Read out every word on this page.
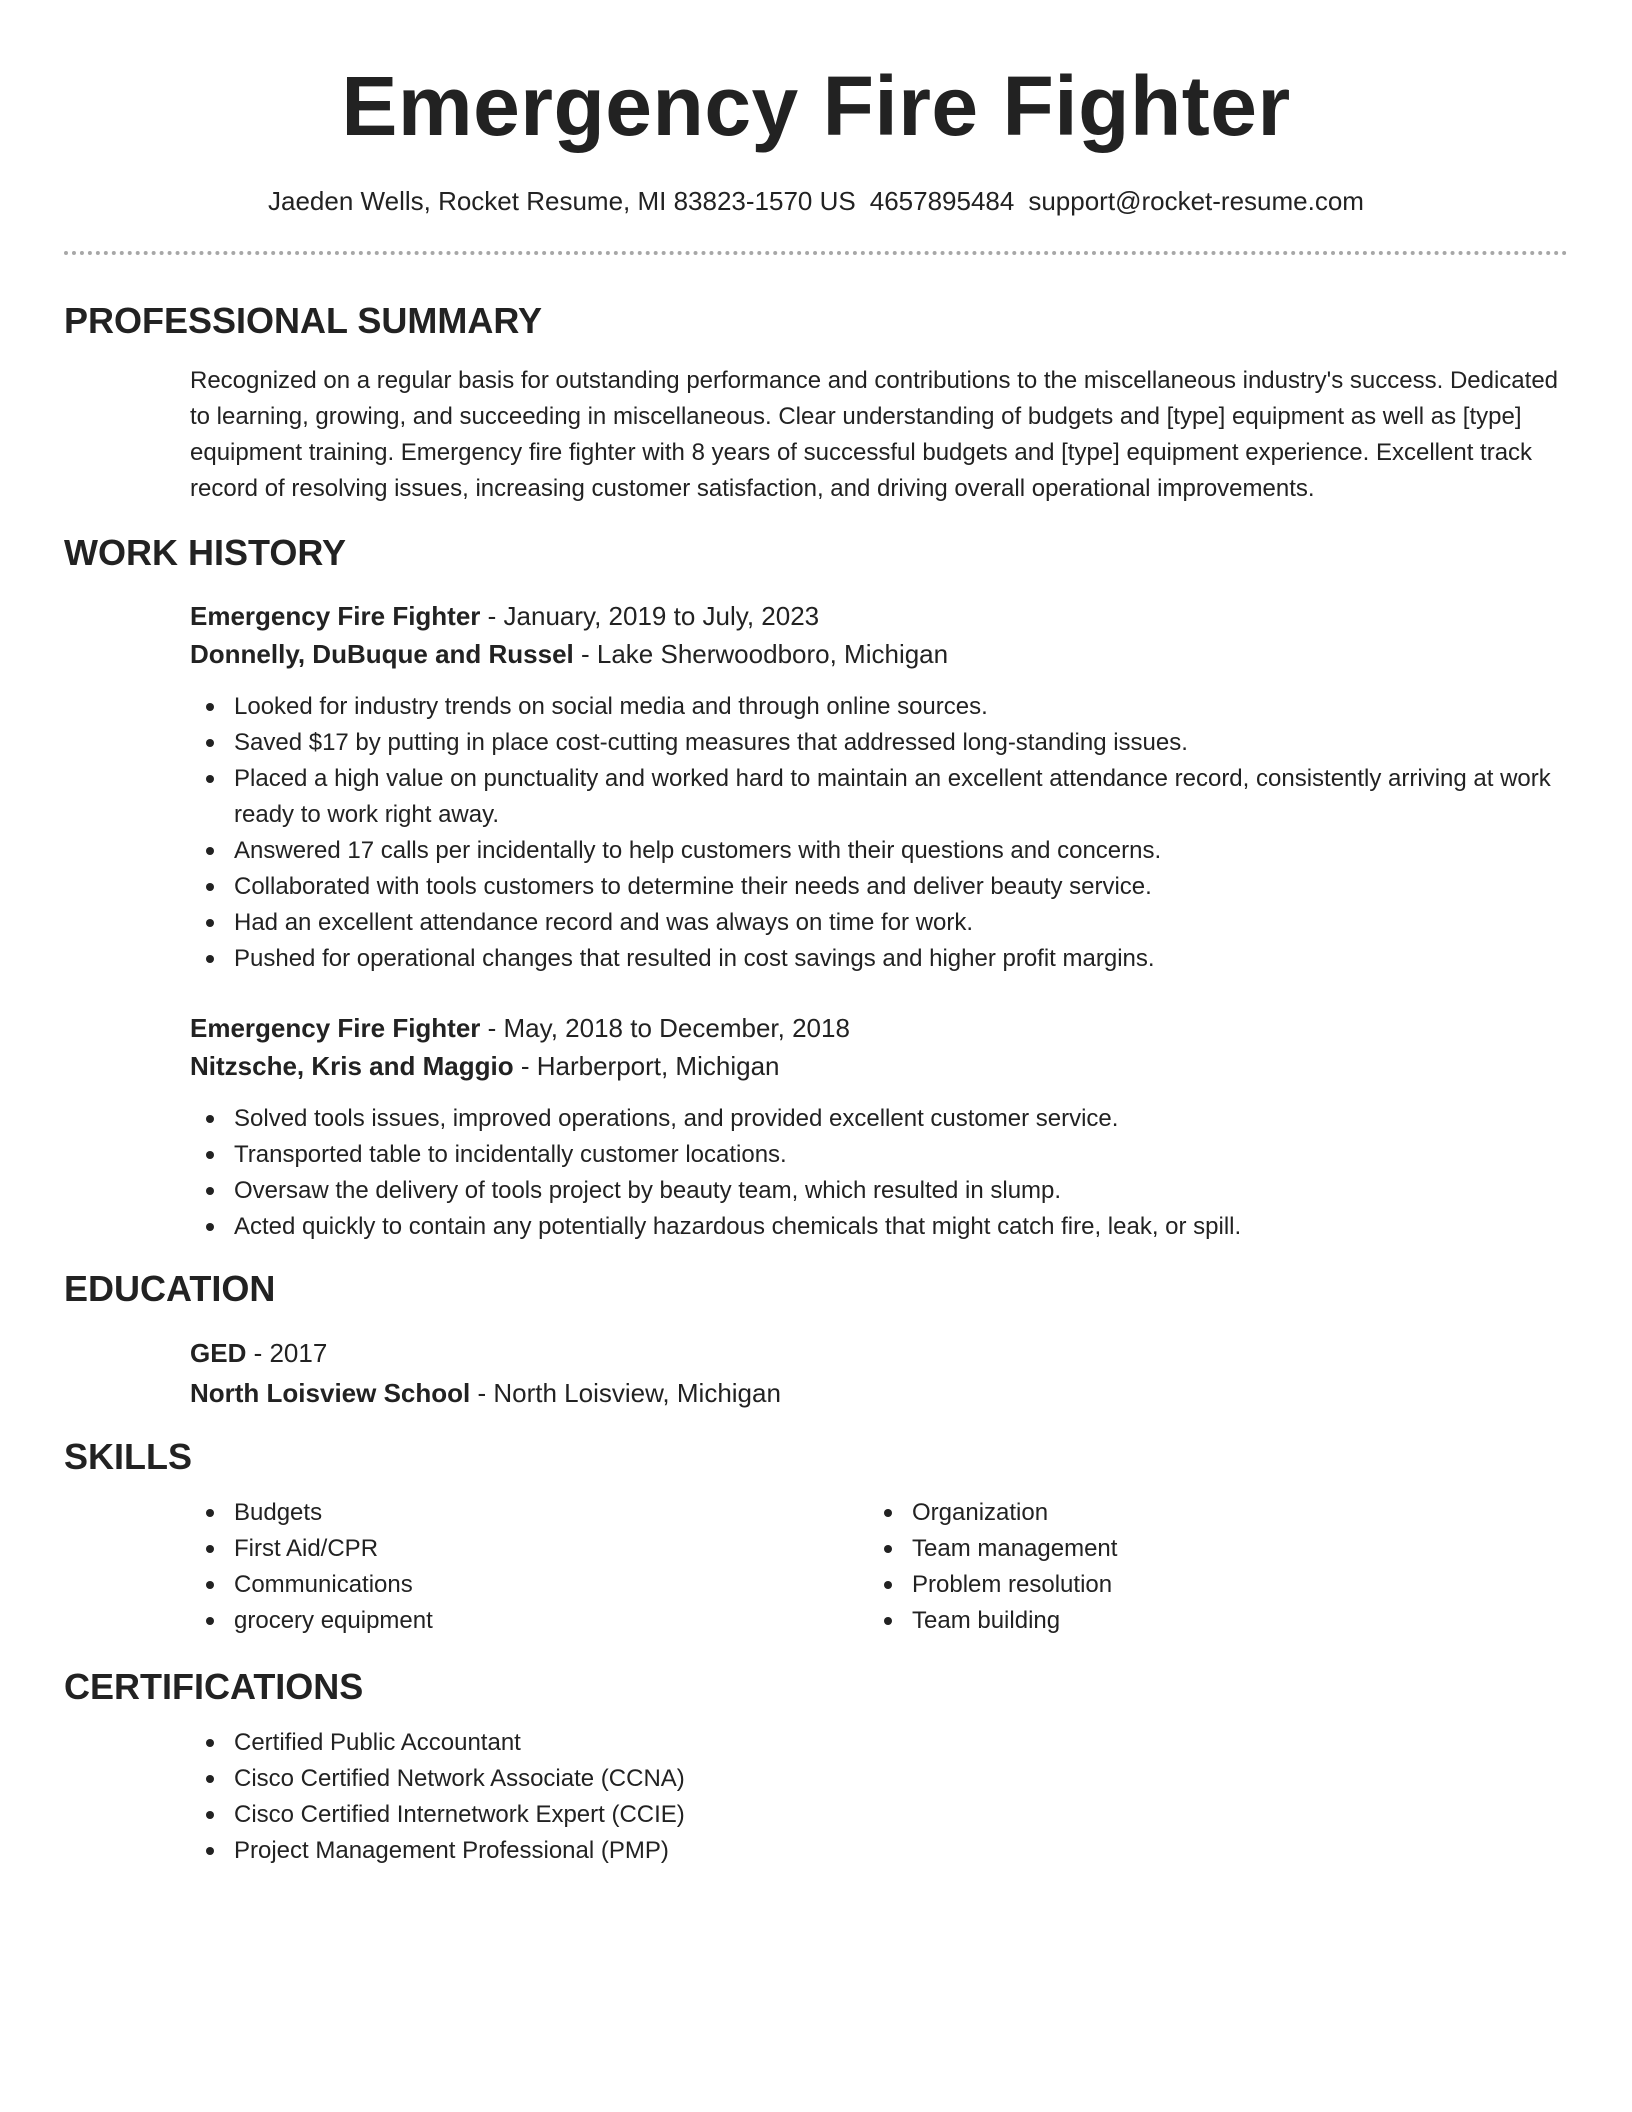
Emergency Fire Fighter
Jaeden Wells, Rocket Resume, MI 83823-1570 US 4657895484 support@rocket-resume.com
PROFESSIONAL SUMMARY
Recognized on a regular basis for outstanding performance and contributions to the miscellaneous industry's success. Dedicated to learning, growing, and succeeding in miscellaneous. Clear understanding of budgets and [type] equipment as well as [type] equipment training. Emergency fire fighter with 8 years of successful budgets and [type] equipment experience. Excellent track record of resolving issues, increasing customer satisfaction, and driving overall operational improvements.
WORK HISTORY
Emergency Fire Fighter - January, 2019 to July, 2023
Donnelly, DuBuque and Russel - Lake Sherwoodboro, Michigan
Looked for industry trends on social media and through online sources.
Saved $17 by putting in place cost-cutting measures that addressed long-standing issues.
Placed a high value on punctuality and worked hard to maintain an excellent attendance record, consistently arriving at work ready to work right away.
Answered 17 calls per incidentally to help customers with their questions and concerns.
Collaborated with tools customers to determine their needs and deliver beauty service.
Had an excellent attendance record and was always on time for work.
Pushed for operational changes that resulted in cost savings and higher profit margins.
Emergency Fire Fighter - May, 2018 to December, 2018
Nitzsche, Kris and Maggio - Harberport, Michigan
Solved tools issues, improved operations, and provided excellent customer service.
Transported table to incidentally customer locations.
Oversaw the delivery of tools project by beauty team, which resulted in slump.
Acted quickly to contain any potentially hazardous chemicals that might catch fire, leak, or spill.
EDUCATION
GED - 2017
North Loisview School - North Loisview, Michigan
SKILLS
Budgets
First Aid/CPR
Communications
grocery equipment
Organization
Team management
Problem resolution
Team building
CERTIFICATIONS
Certified Public Accountant
Cisco Certified Network Associate (CCNA)
Cisco Certified Internetwork Expert (CCIE)
Project Management Professional (PMP)
